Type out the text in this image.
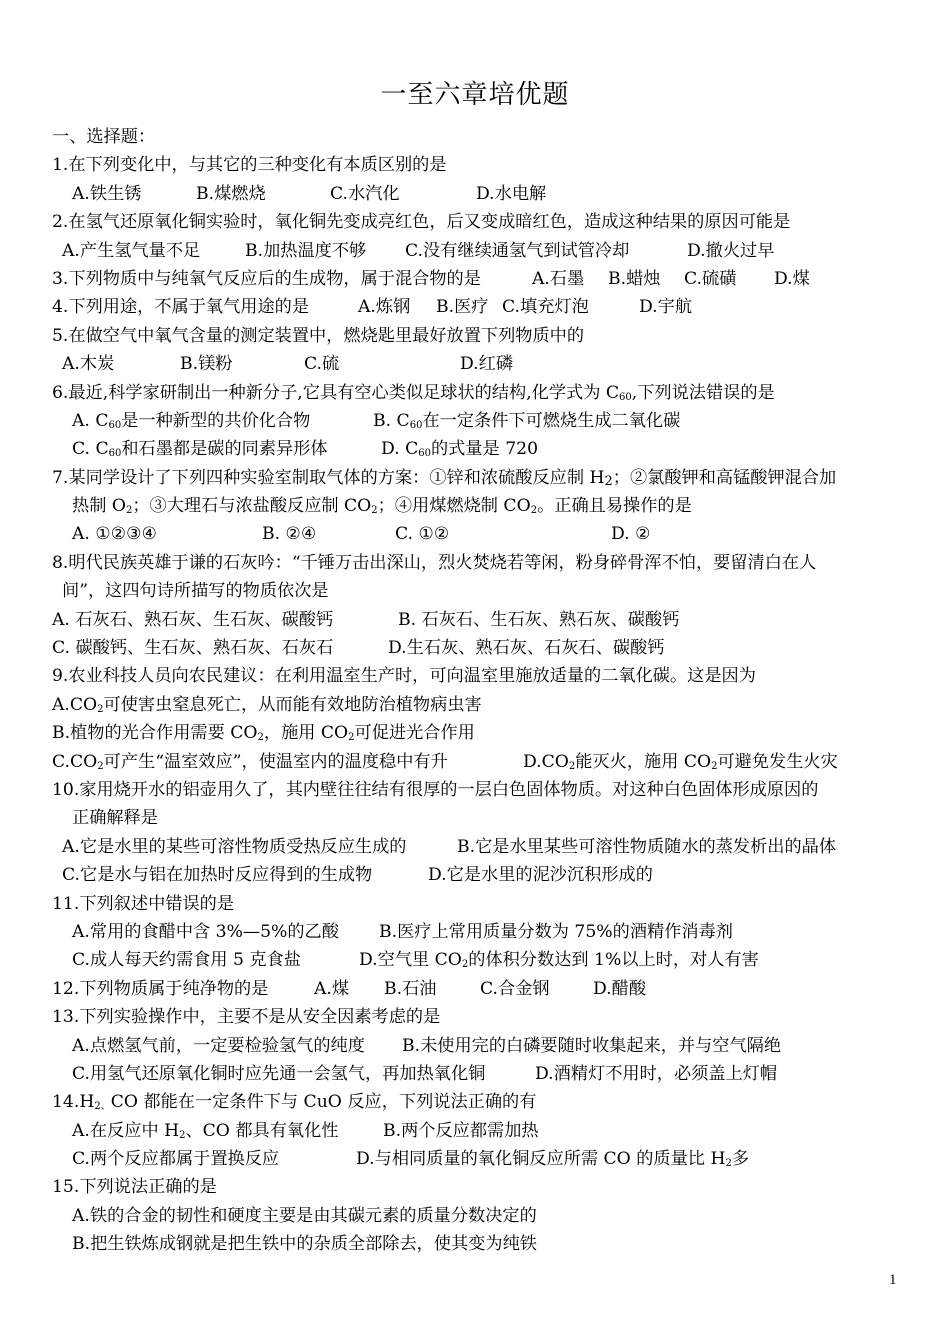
一至六章培优题
一、选择题：
1.在下列变化中，与其它的三种变化有本质区别的是
A.铁生锈	B.煤燃烧	C.水汽化	D.水电解
2.在氢气还原氧化铜实验时，氧化铜先变成亮红色，后又变成暗红色，造成这种结果的原因可能是
A.产生氢气量不足	B.加热温度不够 C.没有继续通氢气到试管冷却	D.撤火过早
3.下列物质中与纯氧气反应后的生成物，属于混合物的是	A.石墨 B.蜡烛 C.硫磺 D.煤
4.下列用途，不属于氧气用途的是	A.炼钢 B.医疗 C.填充灯泡	D.宇航
5.在做空气中氧气含量的测定装置中，燃烧匙里最好放置下列物质中的
A.木炭	B.镁粉	C.硫	D.红磷
6.最近,科学家研制出一种新分子,它具有空心类似足球状的结构,化学式为 $C_{60}$,下列说法错误的是
A. $C_{60}$是一种新型的共价化合物	B. $C_{60}$在一定条件下可燃烧生成二氧化碳
C. $C_{60}$和石墨都是碳的同素异形体	D. $C_{60}$的式量是 720
7.某同学设计了下列四种实验室制取气体的方案：①锌和浓硫酸反应制 $H_2$；②氯酸钾和高锰酸钾混合加
热制 $O_2$；③大理石与浓盐酸反应制 $CO_2$；④用煤燃烧制 $CO_2$。正确且易操作的是
A. ①②③④	B. ②④	C. ①②	D. ②
8.明代民族英雄于谦的石灰吟：“千锤万击出深山，烈火焚烧若等闲，粉身碎骨浑不怕，要留清白在人
间”，这四句诗所描写的物质依次是
A. 石灰石、熟石灰、生石灰、碳酸钙	B. 石灰石、生石灰、熟石灰、碳酸钙
C. 碳酸钙、生石灰、熟石灰、石灰石	D.生石灰、熟石灰、石灰石、碳酸钙
9.农业科技人员向农民建议：在利用温室生产时，可向温室里施放适量的二氧化碳。这是因为
$A.CO_2$可使害虫窒息死亡，从而能有效地防治植物病虫害
B.植物的光合作用需要 $CO_2$，施用 $CO_2$可促进光合作用
$C.CO_2$可产生“温室效应”，使温室内的温度稳中有升	$D.CO_2$能灭火，施用 $CO_2$可避免发生火灾
10.家用烧开水的铝壶用久了，其内壁往往结有很厚的一层白色固体物质。对这种白色固体形成原因的
正确解释是
A.它是水里的某些可溶性物质受热反应生成的	B.它是水里某些可溶性物质随水的蒸发析出的晶体
C.它是水与铝在加热时反应得到的生成物	D.它是水里的泥沙沉积形成的
11.下列叙述中错误的是
A.常用的食醋中含 3%—5%的乙酸 B.医疗上常用质量分数为 75%的酒精作消毒剂
C.成人每天约需食用 5 克食盐	D.空气里 $CO_2$的体积分数达到 1%以上时，对人有害
12.下列物质属于纯净物的是	A.煤 B.石油	C.合金钢	D.醋酸
13.下列实验操作中，主要不是从安全因素考虑的是
A.点燃氢气前，一定要检验氢气的纯度 B.未使用完的白磷要随时收集起来，并与空气隔绝
C.用氢气还原氧化铜时应先通一会氢气，再加热氧化铜	D.酒精灯不用时，必须盖上灯帽
$14.H_{2、}CO$ 都能在一定条件下与 CuO 反应，下列说法正确的有
A.在反应中 $H_2$、CO 都具有氧化性	B.两个反应都需加热
C.两个反应都属于置换反应	D.与相同质量的氧化铜反应所需 CO 的质量比 $H_2$多
15.下列说法正确的是
A.铁的合金的韧性和硬度主要是由其碳元素的质量分数决定的
B.把生铁炼成钢就是把生铁中的杂质全部除去，使其变为纯铁
1
